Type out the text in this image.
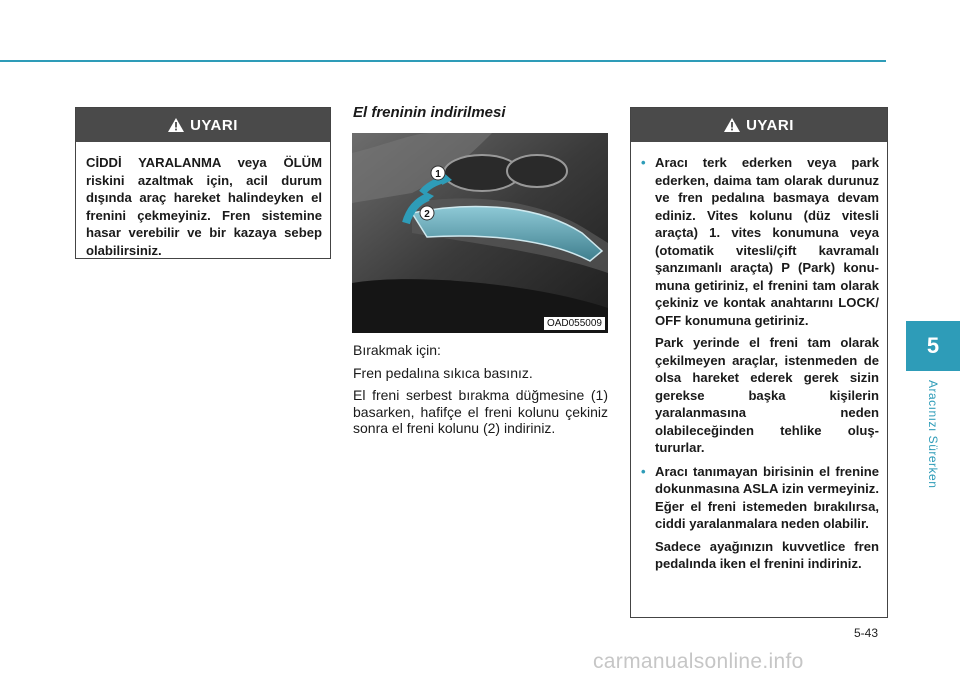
UYARI
CİDDİ YARALANMA veya ÖLÜM riskini azaltmak için, acil durum dışında araç hareket halindeyken el frenini çekmeyiniz. Fren sistemine hasar verebilir ve bir kazaya sebep olabilirsiniz.
El freninin indirilmesi
1
2
OAD055009

Bırakmak için:

Fren pedalına sıkıca basınız.

El freni serbest bırakma düğmesine (1) basarken, hafifçe el freni kolunu çekiniz sonra el freni kolunu (2) indiriniz.

UYARI
• Aracı terk ederken veya park ederken, daima tam olarak durunuz ve fren pedalına basmaya devam ediniz. Vites kolunu (düz vitesli araçta) 1. vites konumuna veya (otomatik vitesli/çift kavramalı şanzımanlı araçta) P (Park) konumuna getiriniz, el frenini tam olarak çekiniz ve kontak anahtarını LOCK/ OFF konumuna getiriniz.
Park yerinde el freni tam olarak çekilmeyen araçlar, istenmeden de olsa hareket ederek gerek sizin gerekse başka kişilerin yaralanmasına neden olabileceğinden tehlike oluştururlar.
• Aracı tanımayan birisinin el frenine dokunmasına ASLA izin vermeyiniz. Eğer el freni istemeden bırakılırsa, ciddi yaralanmalara neden olabilir.
Sadece ayağınızın kuvvetlice fren pedalında iken el frenini indiriniz.
5
Aracınızı Sürerken
5-43
carmanualsonline.info
